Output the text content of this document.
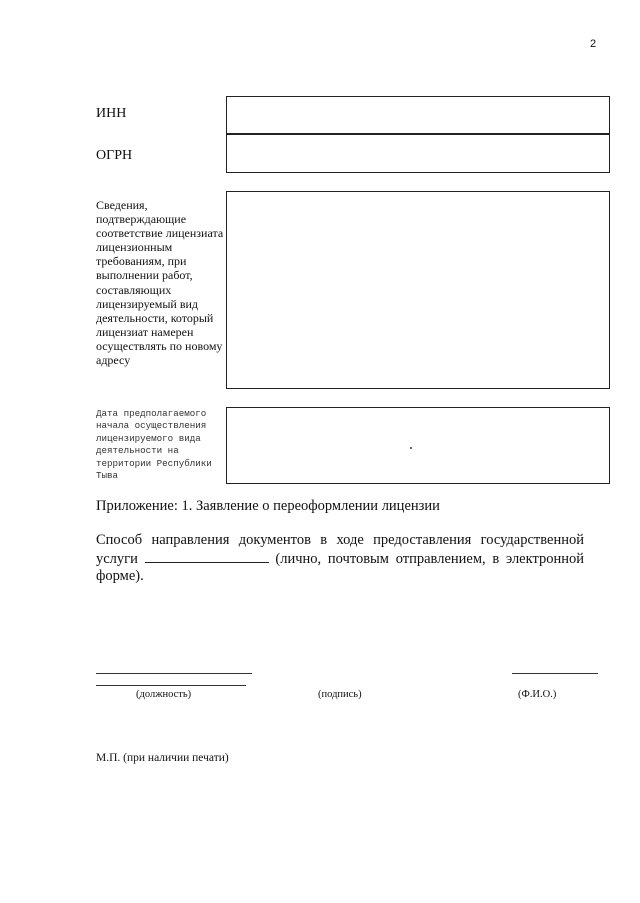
2
ИНН
ОГРН
Сведения, подтверждающие соответствие лицензиата лицензионным требованиям, при выполнении работ, составляющих лицензируемый вид деятельности, который лицензиат намерен осуществлять по новому адресу
Дата предполагаемого начала осуществления лицензируемого вида деятельности на территории Республики Тыва
Приложение: 1. Заявление о переоформлении лицензии
Способ направления документов в ходе предоставления государственной услуги	(лично, почтовым отправлением, в электронной форме).
(должность)	(подпись)	(Ф.И.О.)
М.П. (при наличии печати)
